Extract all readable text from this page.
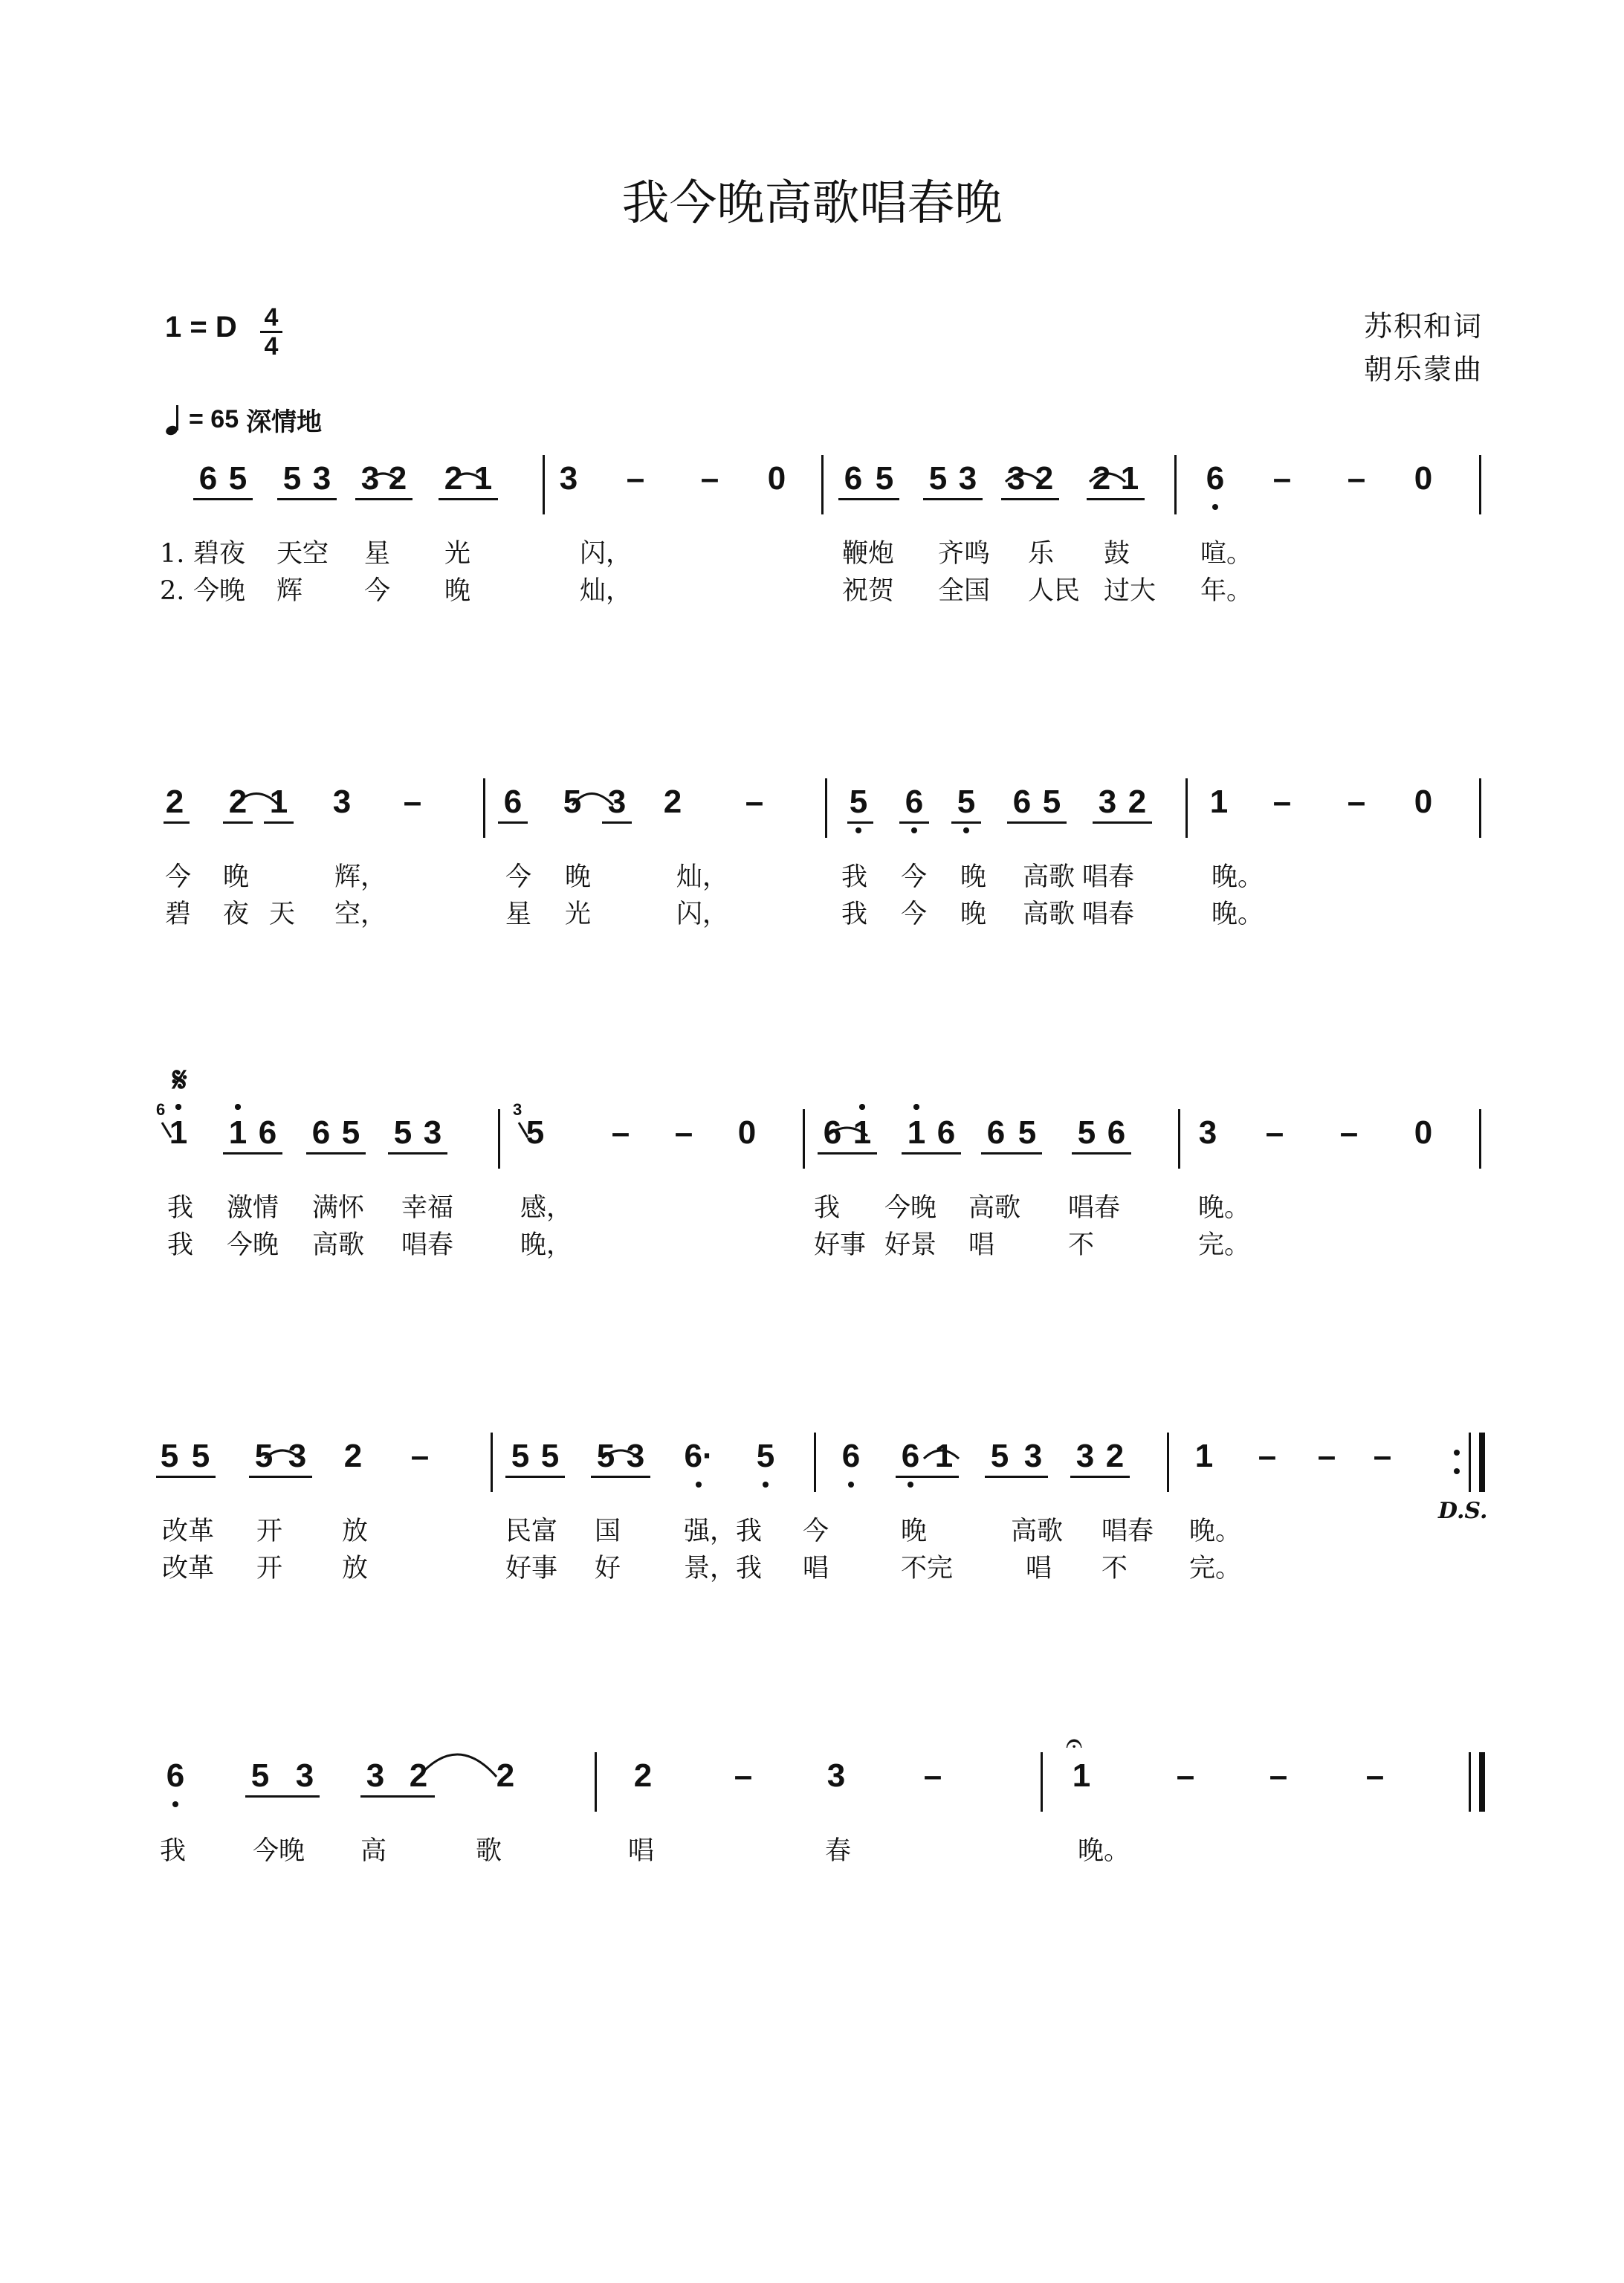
我今晚高歌唱春晚
苏积和词
朝乐蒙曲
1 = D 4
4
= 65 深情地
6 5 5 3 3 2 2 1 3 – – 0 6 5 5 3 3 2 2 1 6 – – 0
1. 碧夜 天空 星 光	闪，	鞭炮 齐鸣 乐 鼓	喧。
2. 今晚 辉 今 晚	灿，	祝贺 全国 人民 过大 年。
2 2 1 3 –	6 5 3 2 –	5 6 5 6 5 3 2 1 – – 0
今 晚	辉，	今 晚	灿，	我 今 晚 高歌 唱春	晚。
碧 夜 天 空，	星 光	闪，	我 今 晚 高歌 唱春	晚。
1 1 6 6 5 5 3	5 – – 0 6 1 1 6 6 5 5 6 3 – – 0
我 激情 满怀 幸福	感，	我 今晚 高歌 唱春	晚。
我 今晚 高歌 唱春	晚，	好事 好景 唱	不	完。
5 5 5 3 2 –	5 5 5 3 6· 5 6 6 1 5 3 3 2 1 – – –
改革 开 放	民富 国 强，我 今	晚	高歌 唱春 晚。
改革 开 放	好事 好 景，我 唱	不完	唱 不 完。
6 5 3 3 2 2	2	– 3 –	1	– – –
我	今晚 高	歌	唱	春	晚。
𝄋
D.S.
𝄐
6	3
